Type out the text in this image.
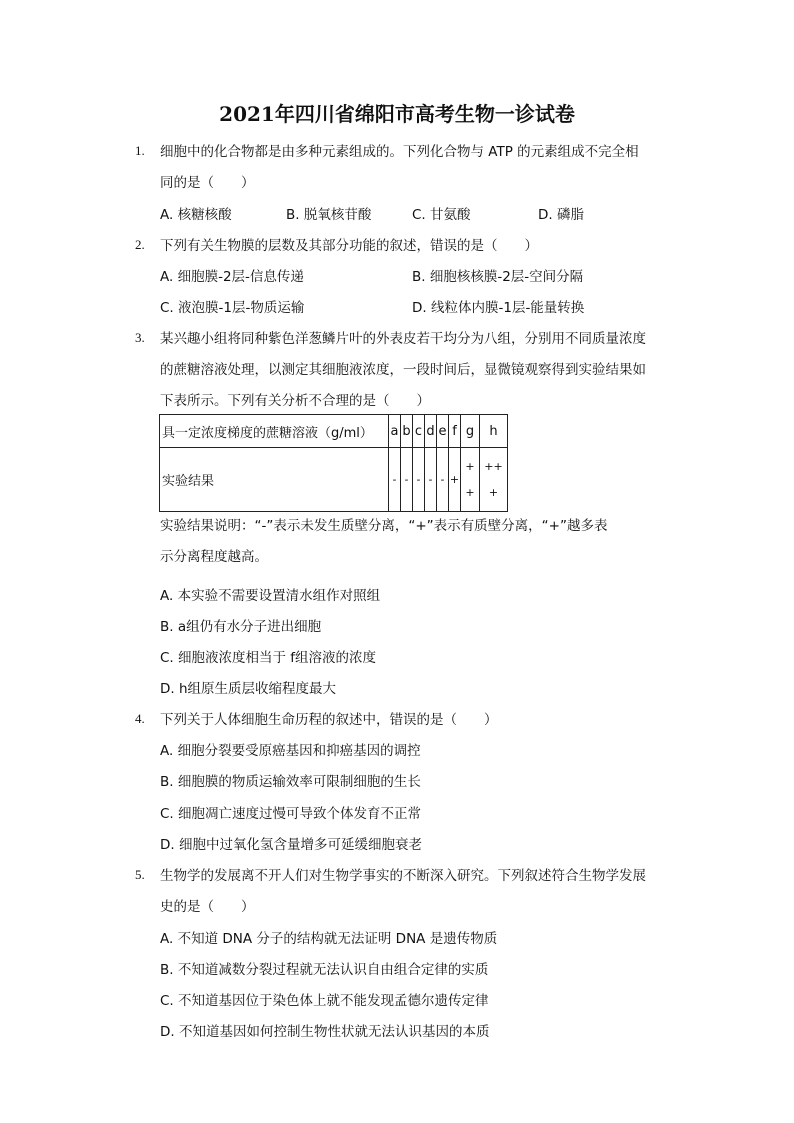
2021年四川省绵阳市高考生物一诊试卷
1. 细胞中的化合物都是由多种元素组成的。下列化合物与 ATP 的元素组成不完全相
同的是（　　）
A. 核糖核酸	B. 脱氧核苷酸	C. 甘氨酸	D. 磷脂
2. 下列有关生物膜的层数及其部分功能的叙述，错误的是（　　）
A. 细胞膜-2层-信息传递	B. 细胞核核膜-2层-空间分隔
C. 液泡膜-1层-物质运输	D. 线粒体内膜-1层-能量转换
3. 某兴趣小组将同种紫色洋葱鳞片叶的外表皮若干均分为八组，分别用不同质量浓度
的蔗糖溶液处理，以测定其细胞液浓度，一段时间后，显微镜观察得到实验结果如
下表所示。下列有关分析不合理的是（　　）
具一定浓度梯度的蔗糖溶液（g/ml）	a	b	c	d	e	f	g	h
实验结果	-	-	-	-	-	+	+ +	++ +
实验结果说明：“-”表示未发生质壁分离，“+”表示有质壁分离，“+”越多表
示分离程度越高。
A. 本实验不需要设置清水组作对照组
B. a组仍有水分子进出细胞
C. 细胞液浓度相当于 f组溶液的浓度
D. h组原生质层收缩程度最大
4. 下列关于人体细胞生命历程的叙述中，错误的是（　　）
A. 细胞分裂要受原癌基因和抑癌基因的调控
B. 细胞膜的物质运输效率可限制细胞的生长
C. 细胞凋亡速度过慢可导致个体发育不正常
D. 细胞中过氧化氢含量增多可延缓细胞衰老
5. 生物学的发展离不开人们对生物学事实的不断深入研究。下列叙述符合生物学发展
史的是（　　）
A. 不知道 DNA 分子的结构就无法证明 DNA 是遗传物质
B. 不知道减数分裂过程就无法认识自由组合定律的实质
C. 不知道基因位于染色体上就不能发现孟德尔遗传定律
D. 不知道基因如何控制生物性状就无法认识基因的本质
